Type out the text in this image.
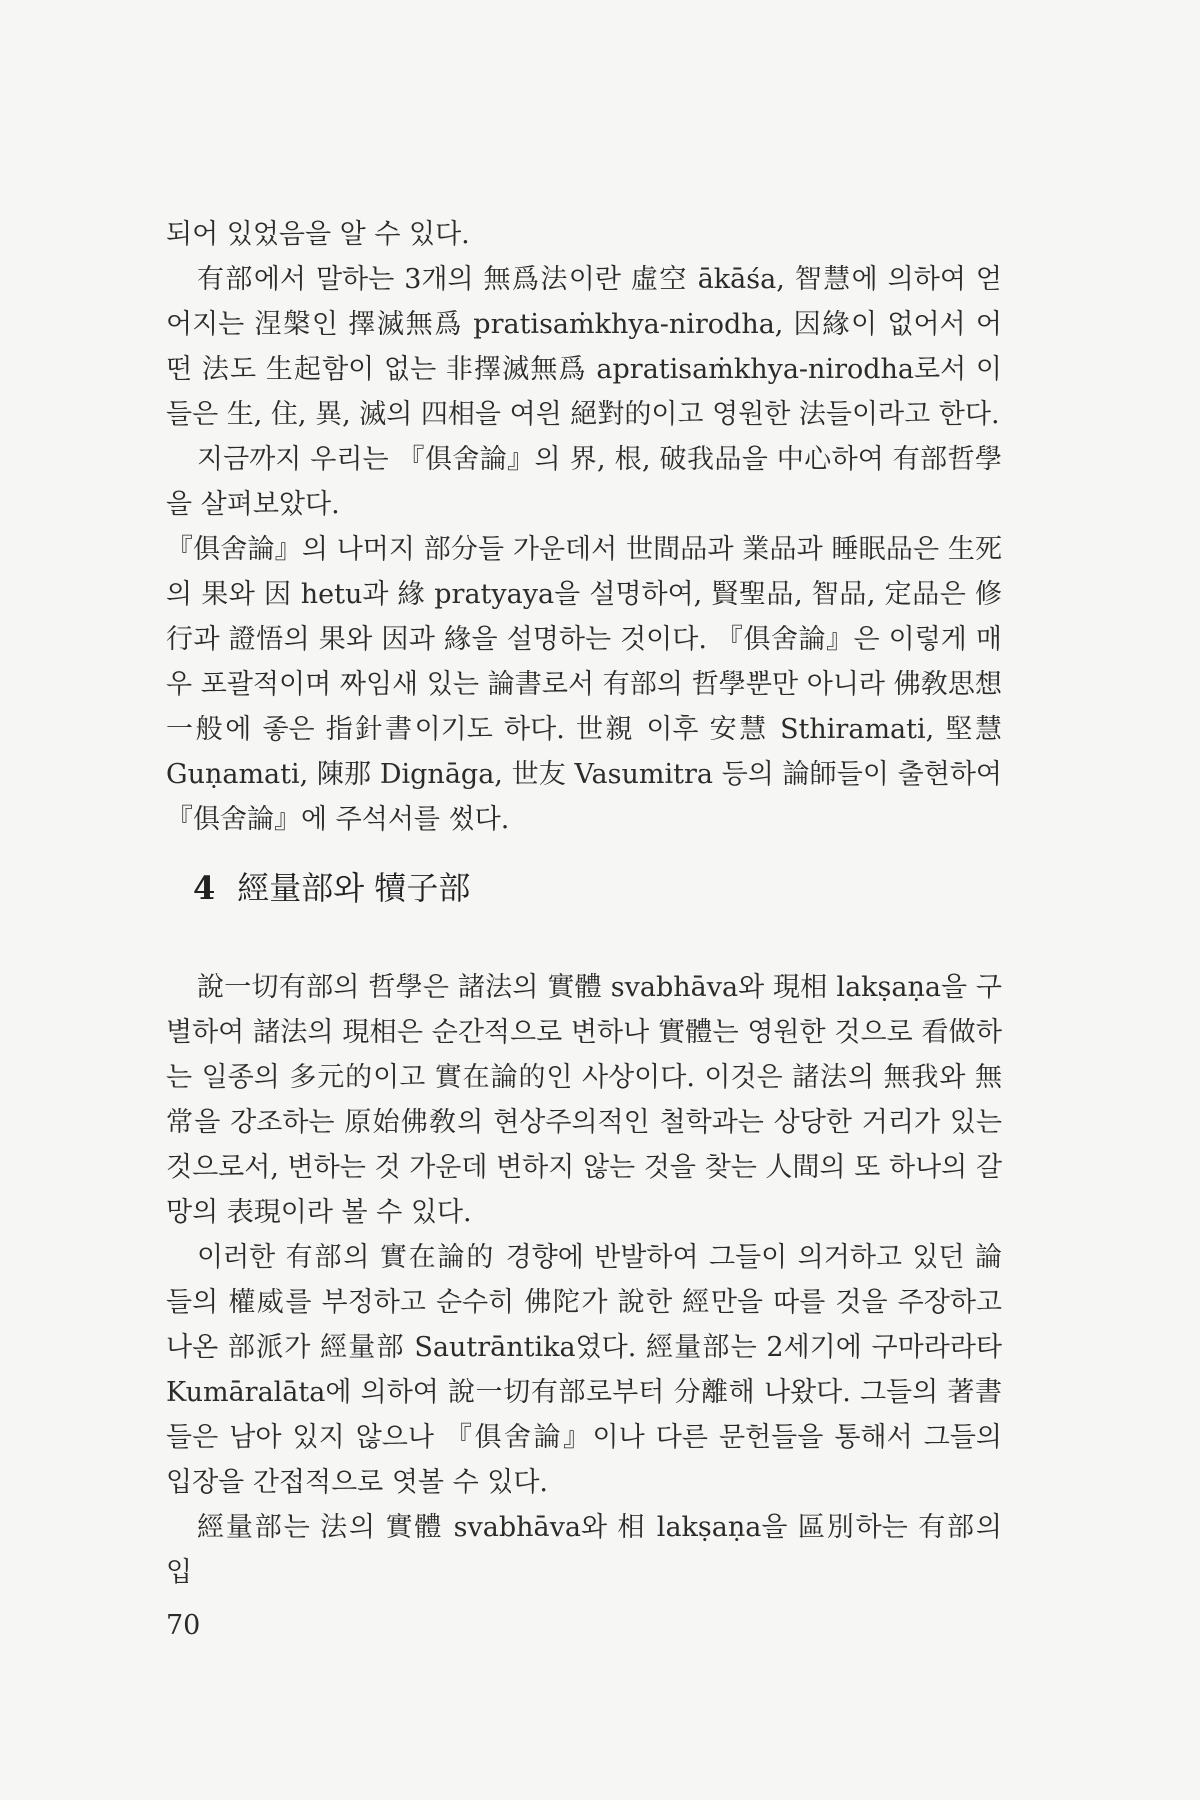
되어 있었음을 알 수 있다.

有部에서 말하는 3개의 無爲法이란 虛空 ākāśa, 智慧에 의하여 얻어지는 涅槃인 擇滅無爲 pratisaṁkhya-nirodha, 因緣이 없어서 어떤 法도 生起함이 없는 非擇滅無爲 apratisaṁkhya-nirodha로서 이들은 生, 住, 異, 滅의 四相을 여읜 絕對的이고 영원한 法들이라고 한다.

지금까지 우리는 『俱舍論』의 界, 根, 破我品을 中心하여 有部哲學을 살펴보았다.

『俱舍論』의 나머지 部分들 가운데서 世間品과 業品과 睡眠品은 生死의 果와 因 hetu과 緣 pratyaya을 설명하여, 賢聖品, 智品, 定品은 修行과 證悟의 果와 因과 緣을 설명하는 것이다. 『俱舍論』은 이렇게 매우 포괄적이며 짜임새 있는 論書로서 有部의 哲學뿐만 아니라 佛敎思想一般에 좋은 指針書이기도 하다. 世親 이후 安慧 Sthiramati, 堅慧 Guṇamati, 陳那 Dignāga, 世友 Vasumitra 등의 論師들이 출현하여 『俱舍論』에 주석서를 썼다.

4 經量部와 犢子部

說一切有部의 哲學은 諸法의 實體 svabhāva와 現相 lakṣaṇa을 구별하여 諸法의 現相은 순간적으로 변하나 實體는 영원한 것으로 看做하는 일종의 多元的이고 實在論的인 사상이다. 이것은 諸法의 無我와 無常을 강조하는 原始佛敎의 현상주의적인 철학과는 상당한 거리가 있는 것으로서, 변하는 것 가운데 변하지 않는 것을 찾는 人間의 또 하나의 갈망의 表現이라 볼 수 있다.

이러한 有部의 實在論的 경향에 반발하여 그들이 의거하고 있던 論들의 權威를 부정하고 순수히 佛陀가 說한 經만을 따를 것을 주장하고 나온 部派가 經量部 Sautrāntika였다. 經量部는 2세기에 구마라라타 Kumāralāta에 의하여 說一切有部로부터 分離해 나왔다. 그들의 著書들은 남아 있지 않으나 『俱舍論』이나 다른 문헌들을 통해서 그들의 입장을 간접적으로 엿볼 수 있다.

經量部는 法의 實體 svabhāva와 相 lakṣaṇa을 區別하는 有部의 입

70
